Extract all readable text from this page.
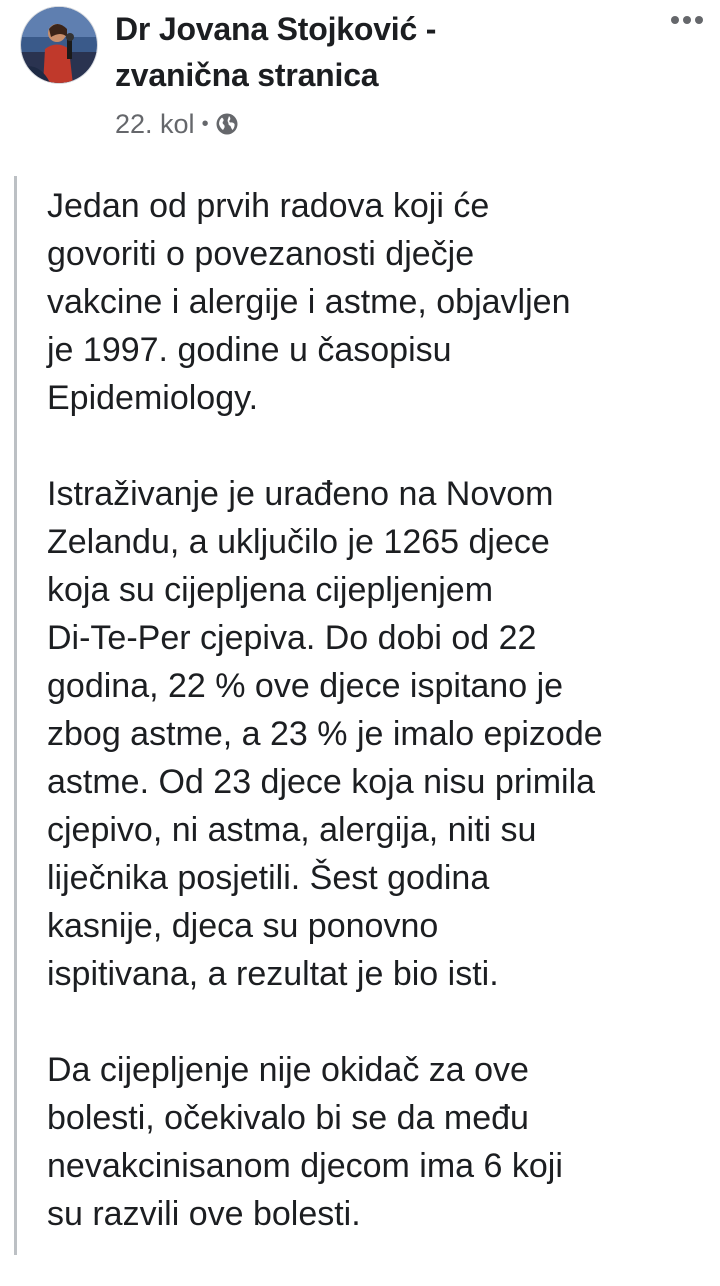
Dr Jovana Stojković -
zvanična stranica
22. kol •

Jedan od prvih radova koji će
govoriti o povezanosti dječje
vakcine i alergije i astme, objavljen
je 1997. godine u časopisu
Epidemiology.

Istraživanje je urađeno na Novom
Zelandu, a uključilo je 1265 djece
koja su cijepljena cijepljenjem
Di-Te-Per cjepiva. Do dobi od 22
godina, 22 % ove djece ispitano je
zbog astme, a 23 % je imalo epizode
astme. Od 23 djece koja nisu primila
cjepivo, ni astma, alergija, niti su
liječnika posjetili. Šest godina
kasnije, djeca su ponovno
ispitivana, a rezultat je bio isti.

Da cijepljenje nije okidač za ove
bolesti, očekivalo bi se da među
nevakcinisanom djecom ima 6 koji
su razvili ove bolesti.
